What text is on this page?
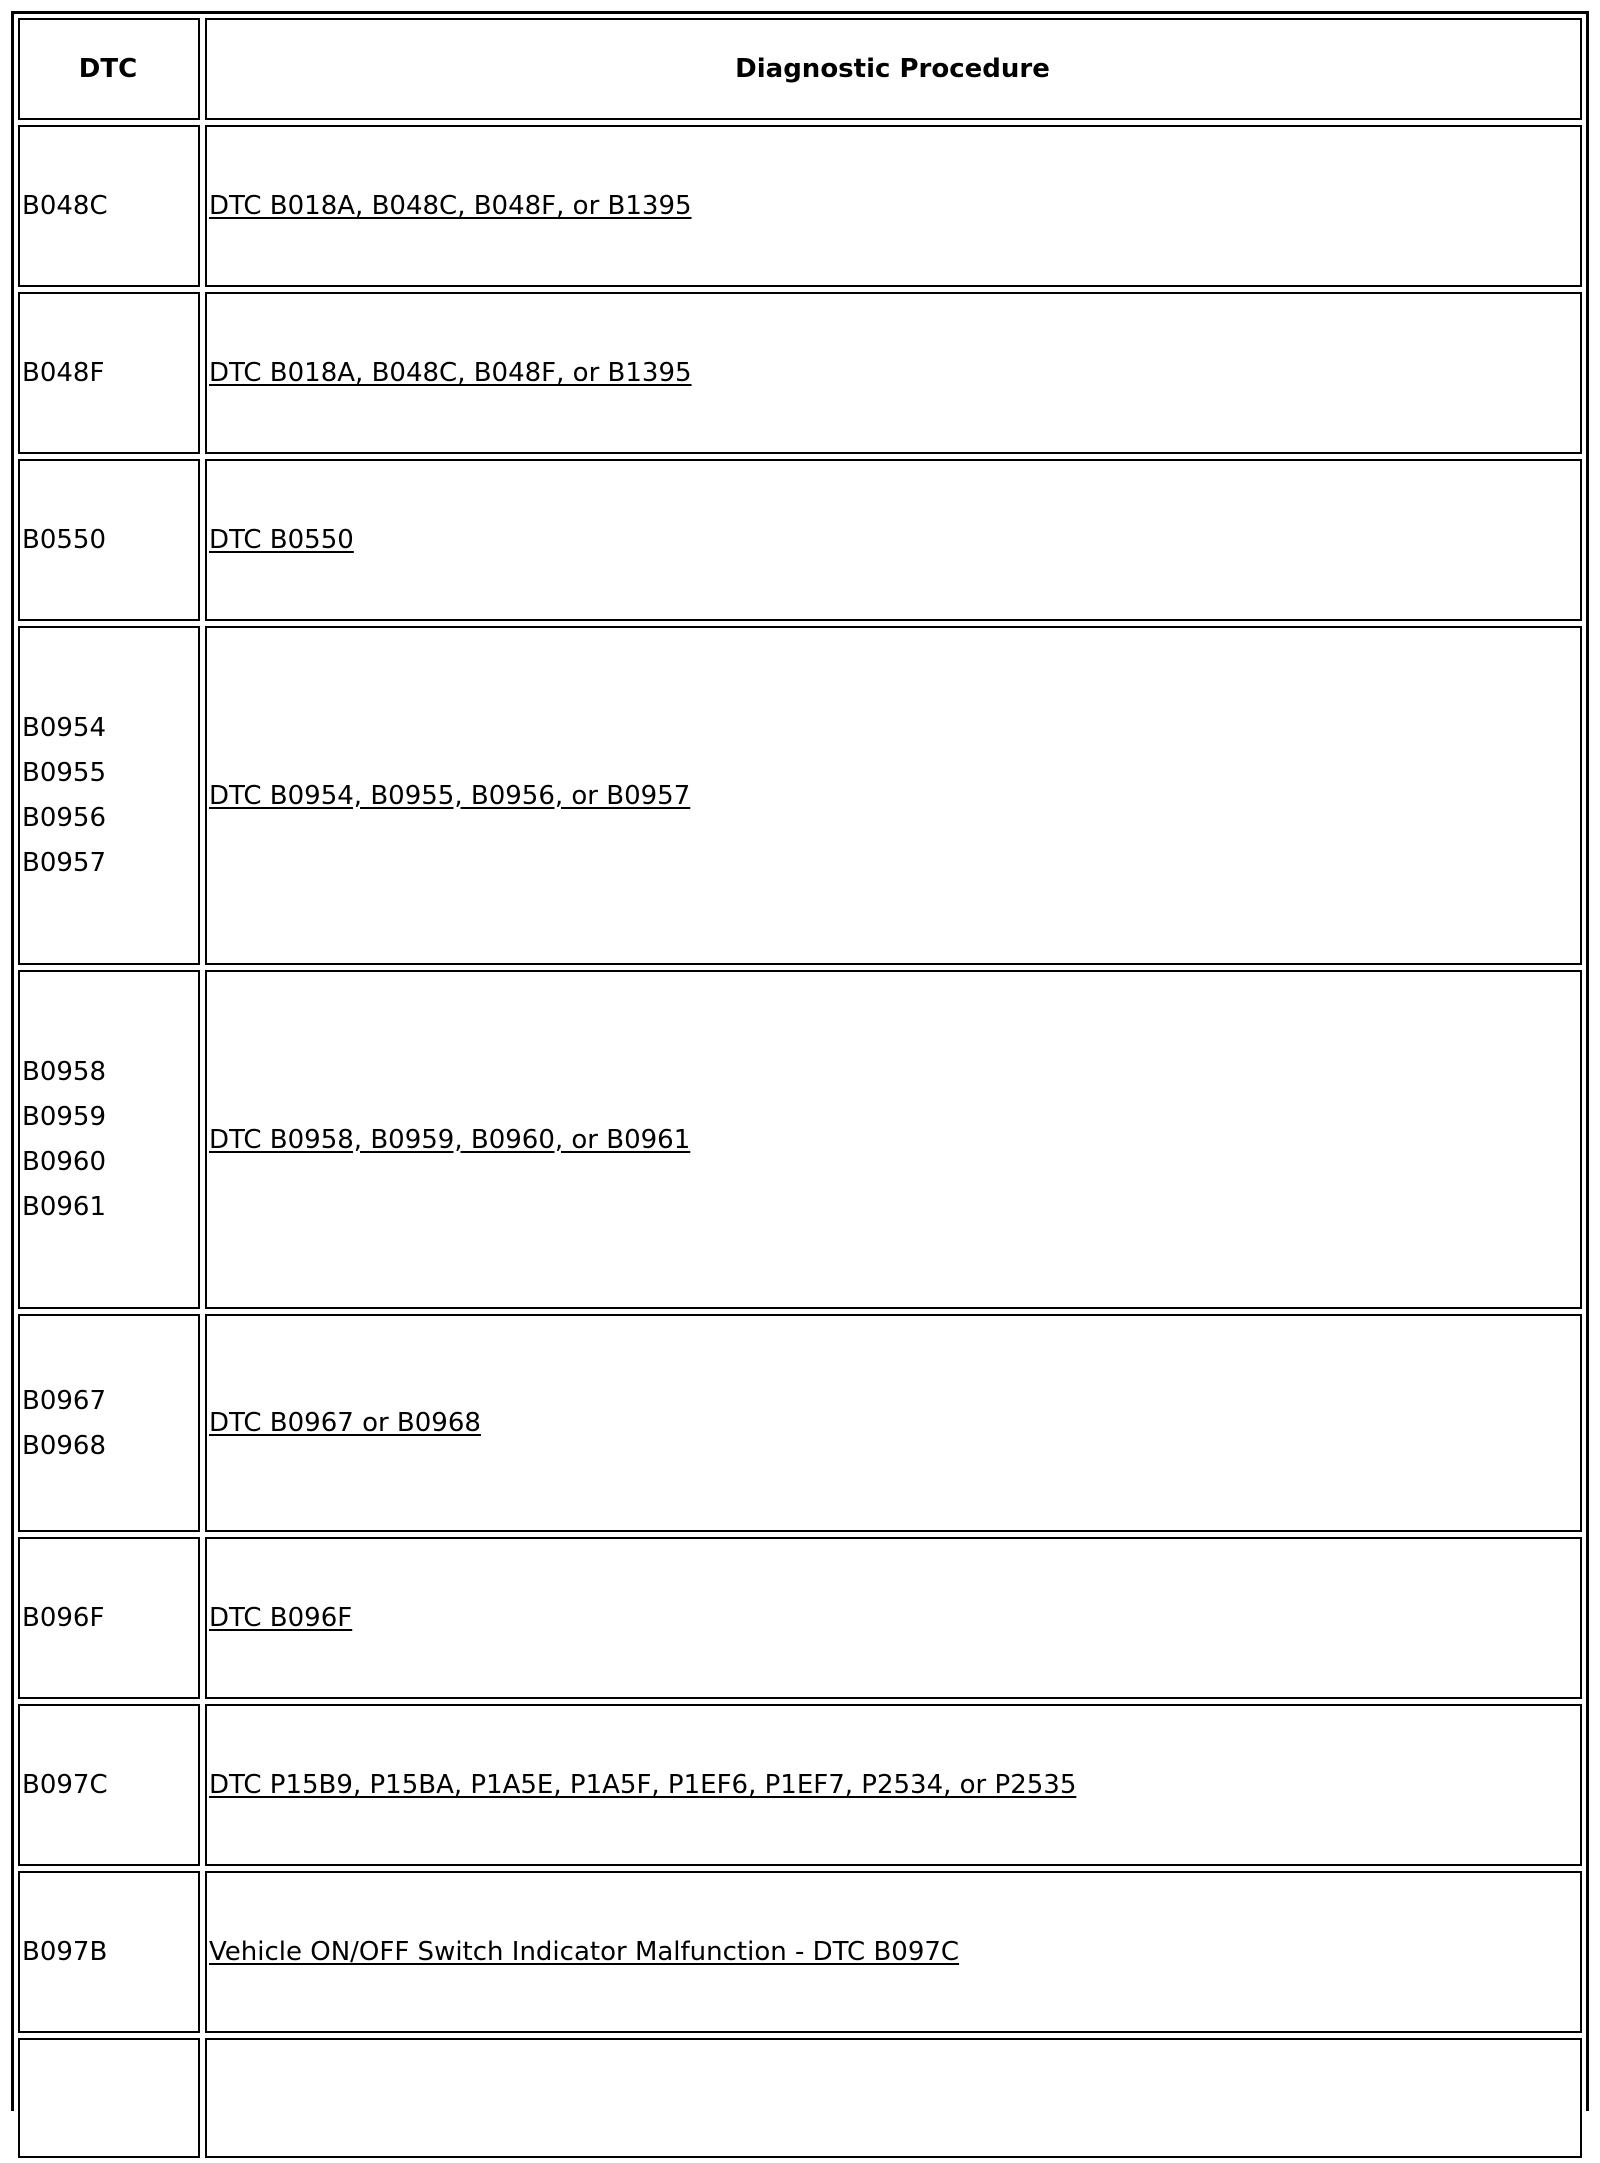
DTC	Diagnostic Procedure

B048C	DTC B018A, B048C, B048F, or B1395

B048F	DTC B018A, B048C, B048F, or B1395

B0550	DTC B0550

B0954
B0955
B0956
B0957	DTC B0954, B0955, B0956, or B0957

B0958
B0959
B0960
B0961	DTC B0958, B0959, B0960, or B0961

B0967
B0968	DTC B0967 or B0968

B096F	DTC B096F

B097C	DTC P15B9, P15BA, P1A5E, P1A5F, P1EF6, P1EF7, P2534, or P2535

B097B	Vehicle ON/OFF Switch Indicator Malfunction - DTC B097C
